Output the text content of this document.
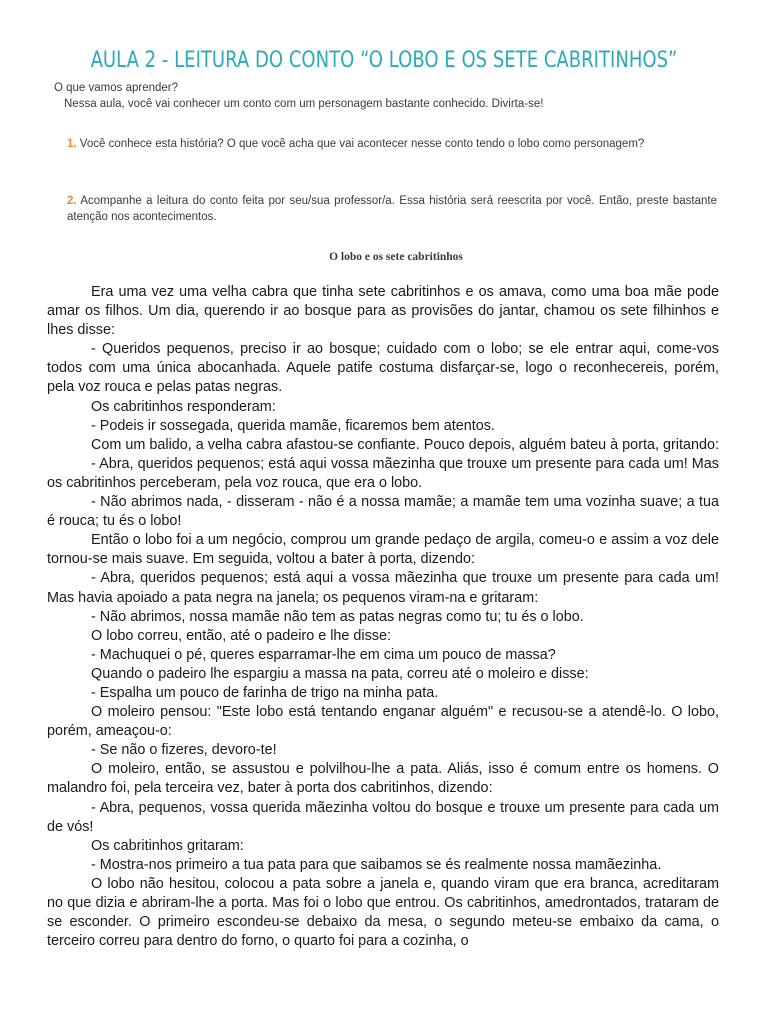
AULA 2 - LEITURA DO CONTO “O LOBO E OS SETE CABRITINHOS”
O que vamos aprender?
Nessa aula, você vai conhecer um conto com um personagem bastante conhecido. Divirta-se!
1. Você conhece esta história? O que você acha que vai acontecer nesse conto tendo o lobo como personagem?
2. Acompanhe a leitura do conto feita por seu/sua professor/a. Essa história será reescrita por você. Então, preste bastante atenção nos acontecimentos.
O lobo e os sete cabritinhos

Era uma vez uma velha cabra que tinha sete cabritinhos e os amava, como uma boa mãe pode amar os filhos. Um dia, querendo ir ao bosque para as provisões do jantar, chamou os sete filhinhos e lhes disse:

- Queridos pequenos, preciso ir ao bosque; cuidado com o lobo; se ele entrar aqui, come-vos todos com uma única abocanhada. Aquele patife costuma disfarçar-se, logo o reconhecereis, porém, pela voz rouca e pelas patas negras.

Os cabritinhos responderam:

- Podeis ir sossegada, querida mamãe, ficaremos bem atentos.

Com um balido, a velha cabra afastou-se confiante. Pouco depois, alguém bateu à porta, gritando:

- Abra, queridos pequenos; está aqui vossa mãezinha que trouxe um presente para cada um! Mas os cabritinhos perceberam, pela voz rouca, que era o lobo.

- Não abrimos nada, - disseram - não é a nossa mamãe; a mamãe tem uma vozinha suave; a tua é rouca; tu és o lobo!

Então o lobo foi a um negócio, comprou um grande pedaço de argila, comeu-o e assim a voz dele tornou-se mais suave. Em seguida, voltou a bater à porta, dizendo:

- Abra, queridos pequenos; está aqui a vossa mãezinha que trouxe um presente para cada um! Mas havia apoiado a pata negra na janela; os pequenos viram-na e gritaram:

- Não abrimos, nossa mamãe não tem as patas negras como tu; tu és o lobo.

O lobo correu, então, até o padeiro e lhe disse:

- Machuquei o pé, queres esparramar-lhe em cima um pouco de massa?

Quando o padeiro lhe espargiu a massa na pata, correu até o moleiro e disse:

- Espalha um pouco de farinha de trigo na minha pata.

O moleiro pensou: "Este lobo está tentando enganar alguém" e recusou-se a atendê-lo. O lobo, porém, ameaçou-o:

- Se não o fizeres, devoro-te!

O moleiro, então, se assustou e polvilhou-lhe a pata. Aliás, isso é comum entre os homens. O malandro foi, pela terceira vez, bater à porta dos cabritinhos, dizendo:

- Abra, pequenos, vossa querida mãezinha voltou do bosque e trouxe um presente para cada um de vós!

Os cabritinhos gritaram:

- Mostra-nos primeiro a tua pata para que saibamos se és realmente nossa mamãezinha.

O lobo não hesitou, colocou a pata sobre a janela e, quando viram que era branca, acreditaram no que dizia e abriram-lhe a porta. Mas foi o lobo que entrou. Os cabritinhos, amedrontados, trataram de se esconder. O primeiro escondeu-se debaixo da mesa, o segundo meteu-se embaixo da cama, o terceiro correu para dentro do forno, o quarto foi para a cozinha, o
